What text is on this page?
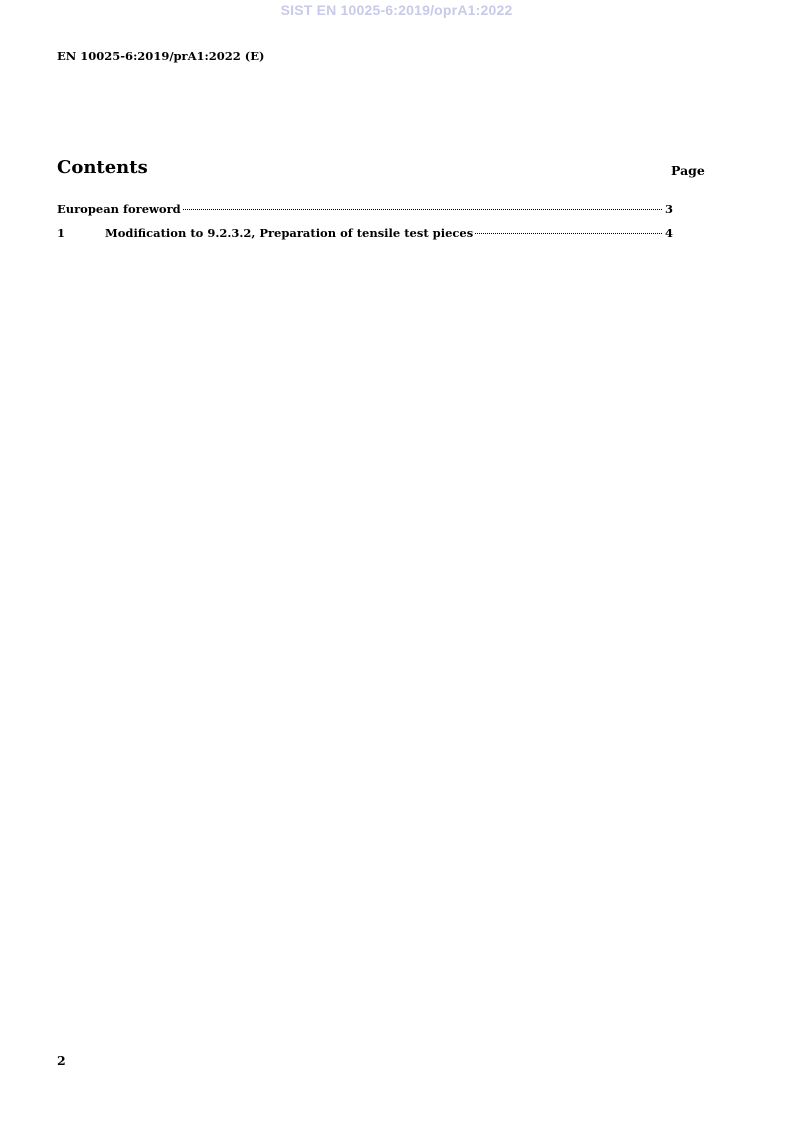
SIST EN 10025-6:2019/oprA1:2022
EN 10025-6:2019/prA1:2022 (E)
Contents	Page
European foreword	3
1	Modification to 9.2.3.2, Preparation of tensile test pieces	4
2
